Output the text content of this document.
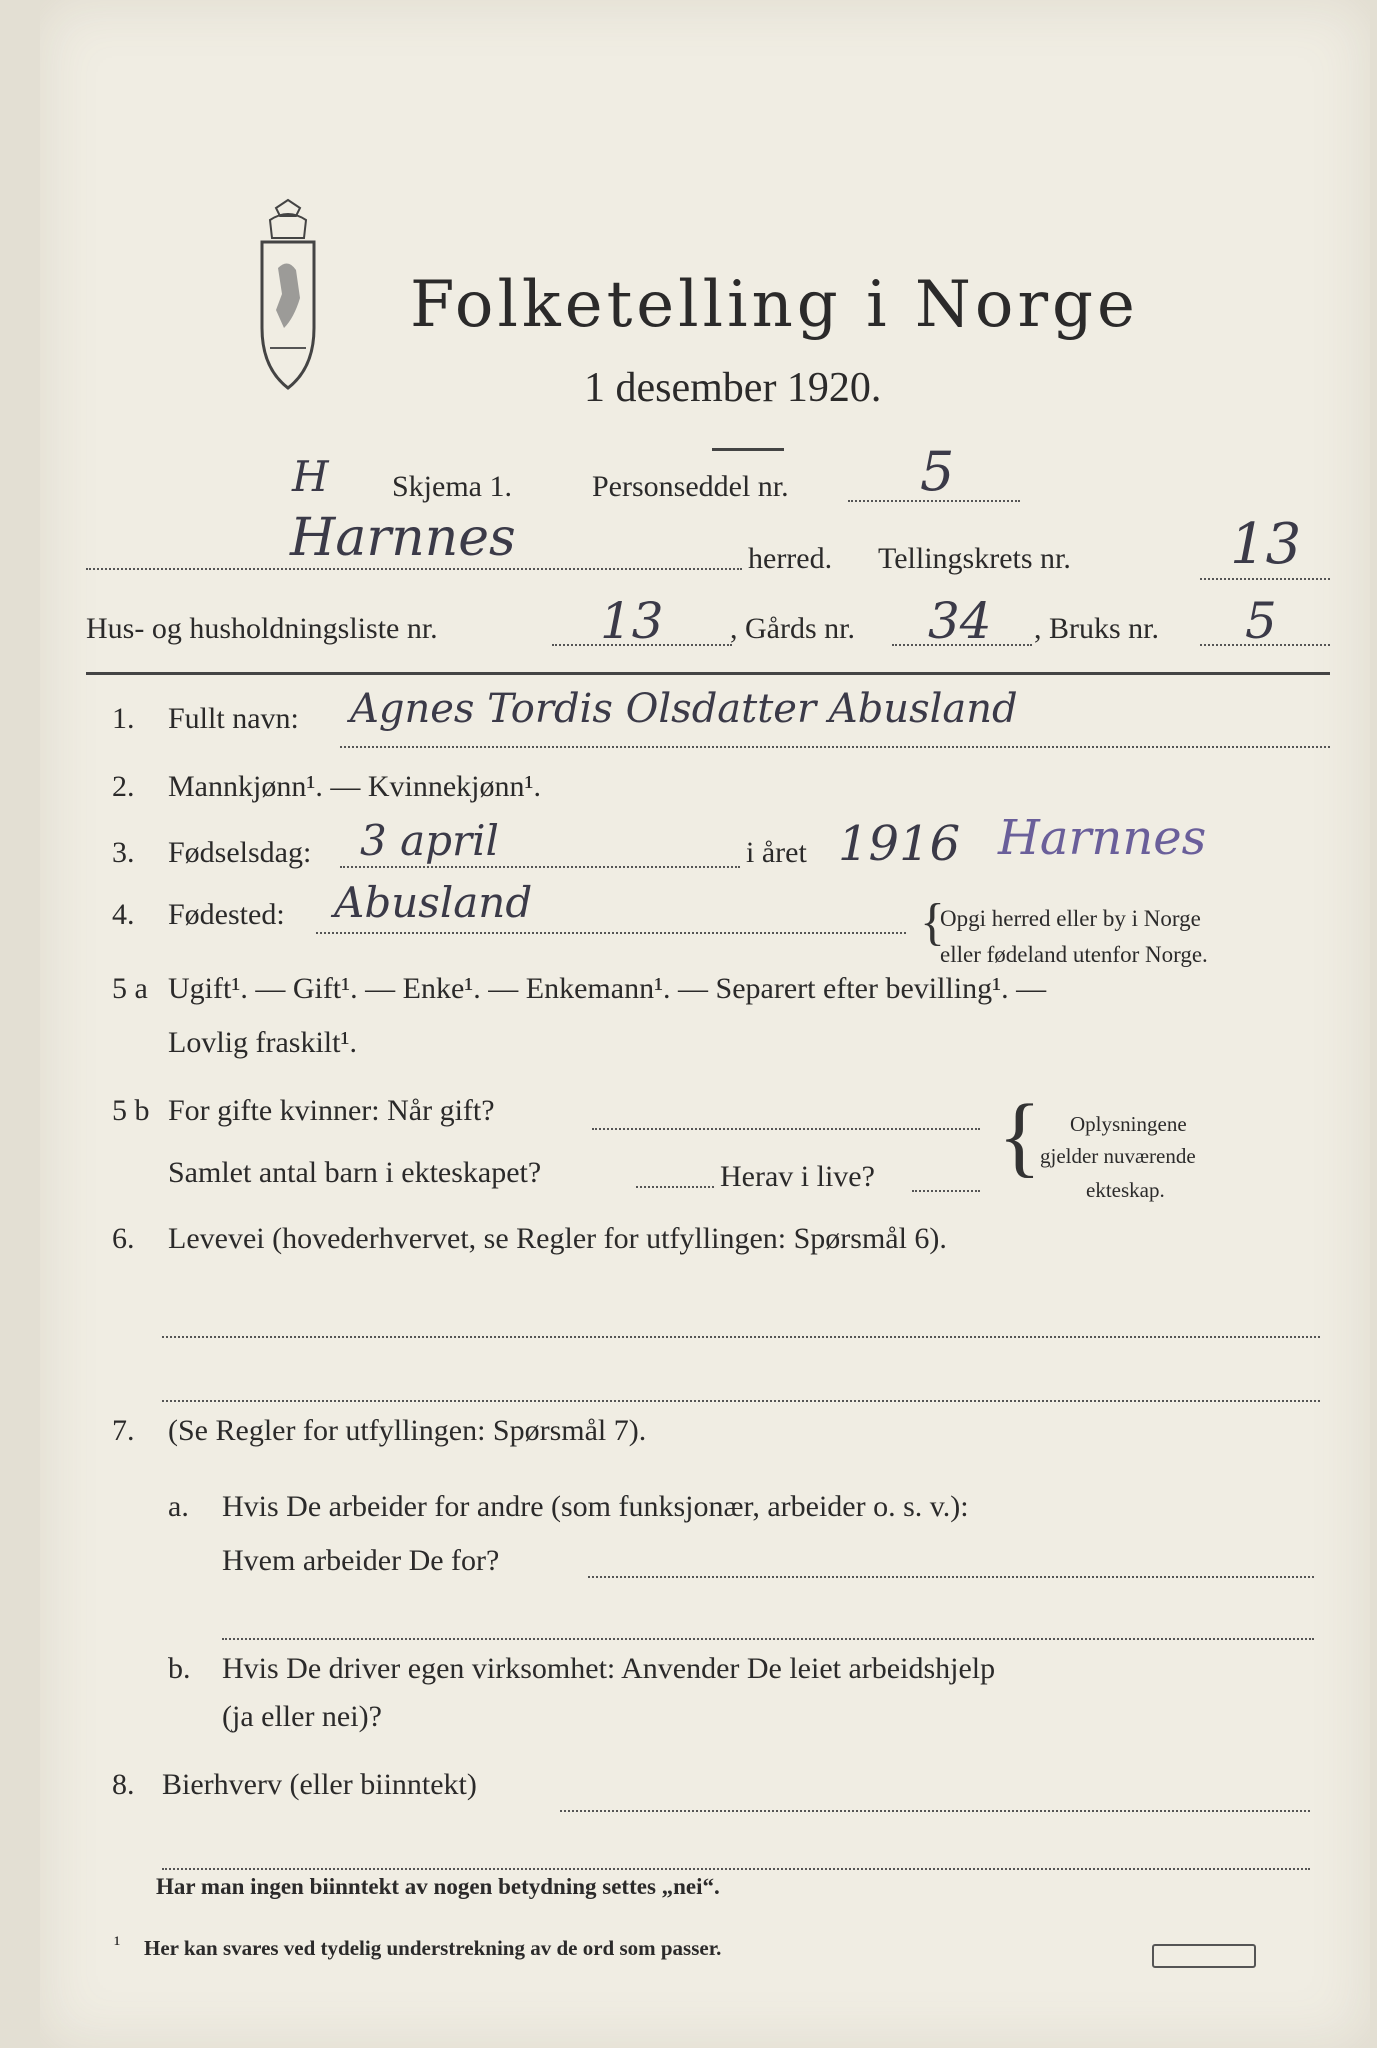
Folketelling i Norge
1 desember 1920.
H Skjema 1.	Personseddel nr. 5
Harnnes	herred. Tellingskrets nr.	13
Hus- og husholdningsliste nr.	13 , Gårds nr. 34 , Bruks nr. 5
1. Fullt navn: Agnes Tordis Olsdatter Abusland
2. Mannkjønn¹. — Kvinnekjønn¹.
3. Fødselsdag: 3 april	i året 1916 Harnnes
4. Fødested: Abusland	{
Opgi herred eller by i Norge
eller fødeland utenfor Norge.
5 a Ugift¹. — Gift¹. — Enke¹. — Enkemann¹. — Separert efter bevilling¹. —
Lovlig fraskilt¹.
5 b For gifte kvinner: Når gift?
Samlet antal barn i ekteskapet?	Herav i live? { Oplysningene
gjelder nuværende
ekteskap.
6. Levevei (hovederhvervet, se Regler for utfyllingen: Spørsmål 6).
7. (Se Regler for utfyllingen: Spørsmål 7).
a. Hvis De arbeider for andre (som funksjonær, arbeider o. s. v.):
Hvem arbeider De for?
b. Hvis De driver egen virksomhet: Anvender De leiet arbeidshjelp
(ja eller nei)?
8. Bierhverv (eller biinntekt)
Har man ingen biinntekt av nogen betydning settes „nei“.
¹ Her kan svares ved tydelig understrekning av de ord som passer.
